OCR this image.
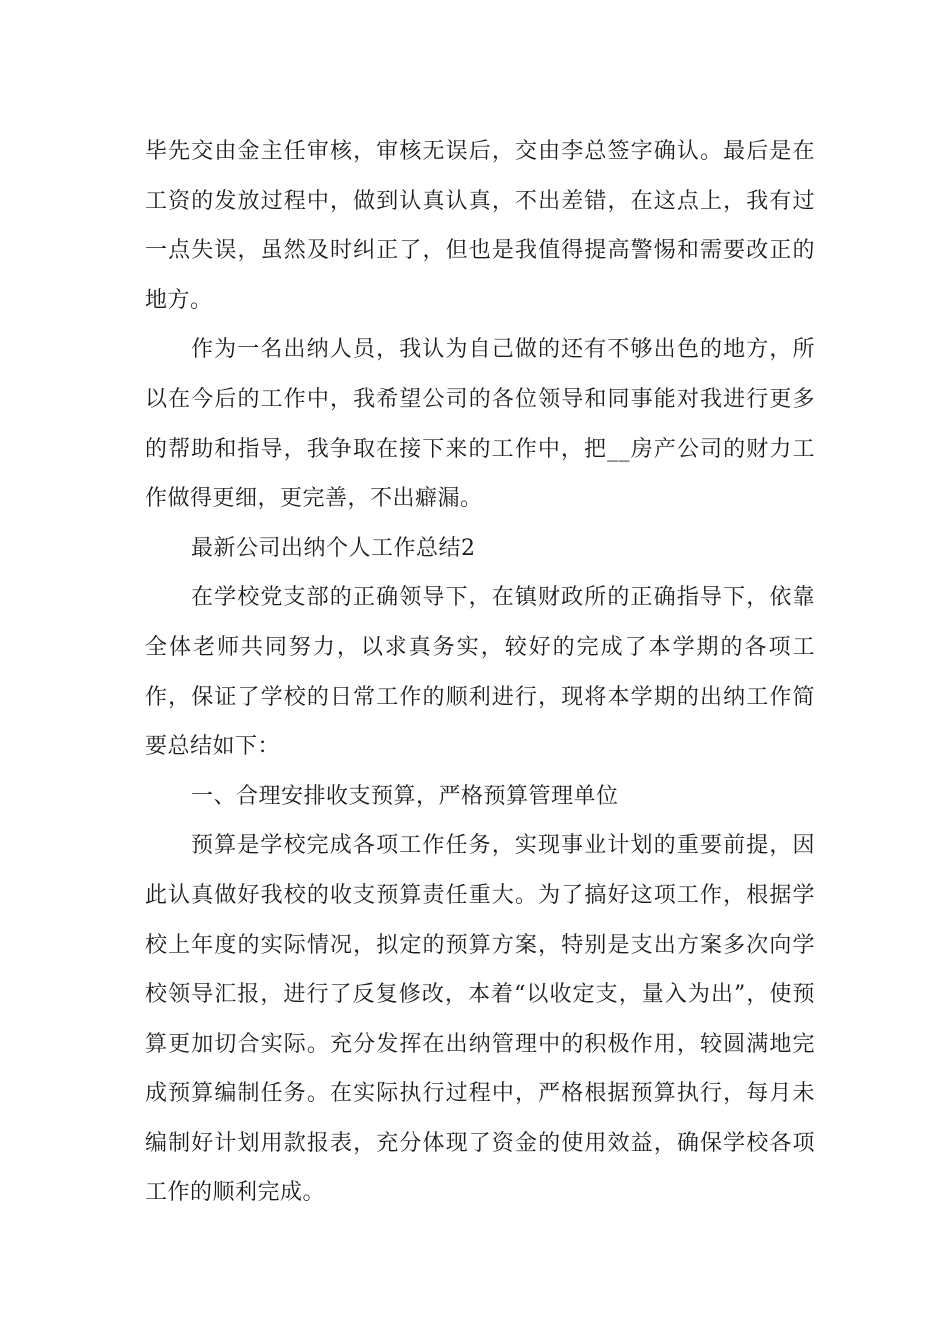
毕先交由金主任审核，审核无误后，交由李总签字确认。最后是在工资的发放过程中，做到认真认真，不出差错，在这点上，我有过一点失误，虽然及时纠正了，但也是我值得提高警惕和需要改正的地方。

作为一名出纳人员，我认为自己做的还有不够出色的地方，所以在今后的工作中，我希望公司的各位领导和同事能对我进行更多的帮助和指导，我争取在接下来的工作中，把__房产公司的财力工作做得更细，更完善，不出癖漏。

最新公司出纳个人工作总结2

在学校党支部的正确领导下，在镇财政所的正确指导下，依靠全体老师共同努力，以求真务实，较好的完成了本学期的各项工作，保证了学校的日常工作的顺利进行，现将本学期的出纳工作简要总结如下：

一、合理安排收支预算，严格预算管理单位

预算是学校完成各项工作任务，实现事业计划的重要前提，因此认真做好我校的收支预算责任重大。为了搞好这项工作，根据学校上年度的实际情况，拟定的预算方案，特别是支出方案多次向学校领导汇报，进行了反复修改，本着“以收定支，量入为出”，使预算更加切合实际。充分发挥在出纳管理中的积极作用，较圆满地完成预算编制任务。在实际执行过程中，严格根据预算执行，每月未编制好计划用款报表，充分体现了资金的使用效益，确保学校各项工作的顺利完成。
